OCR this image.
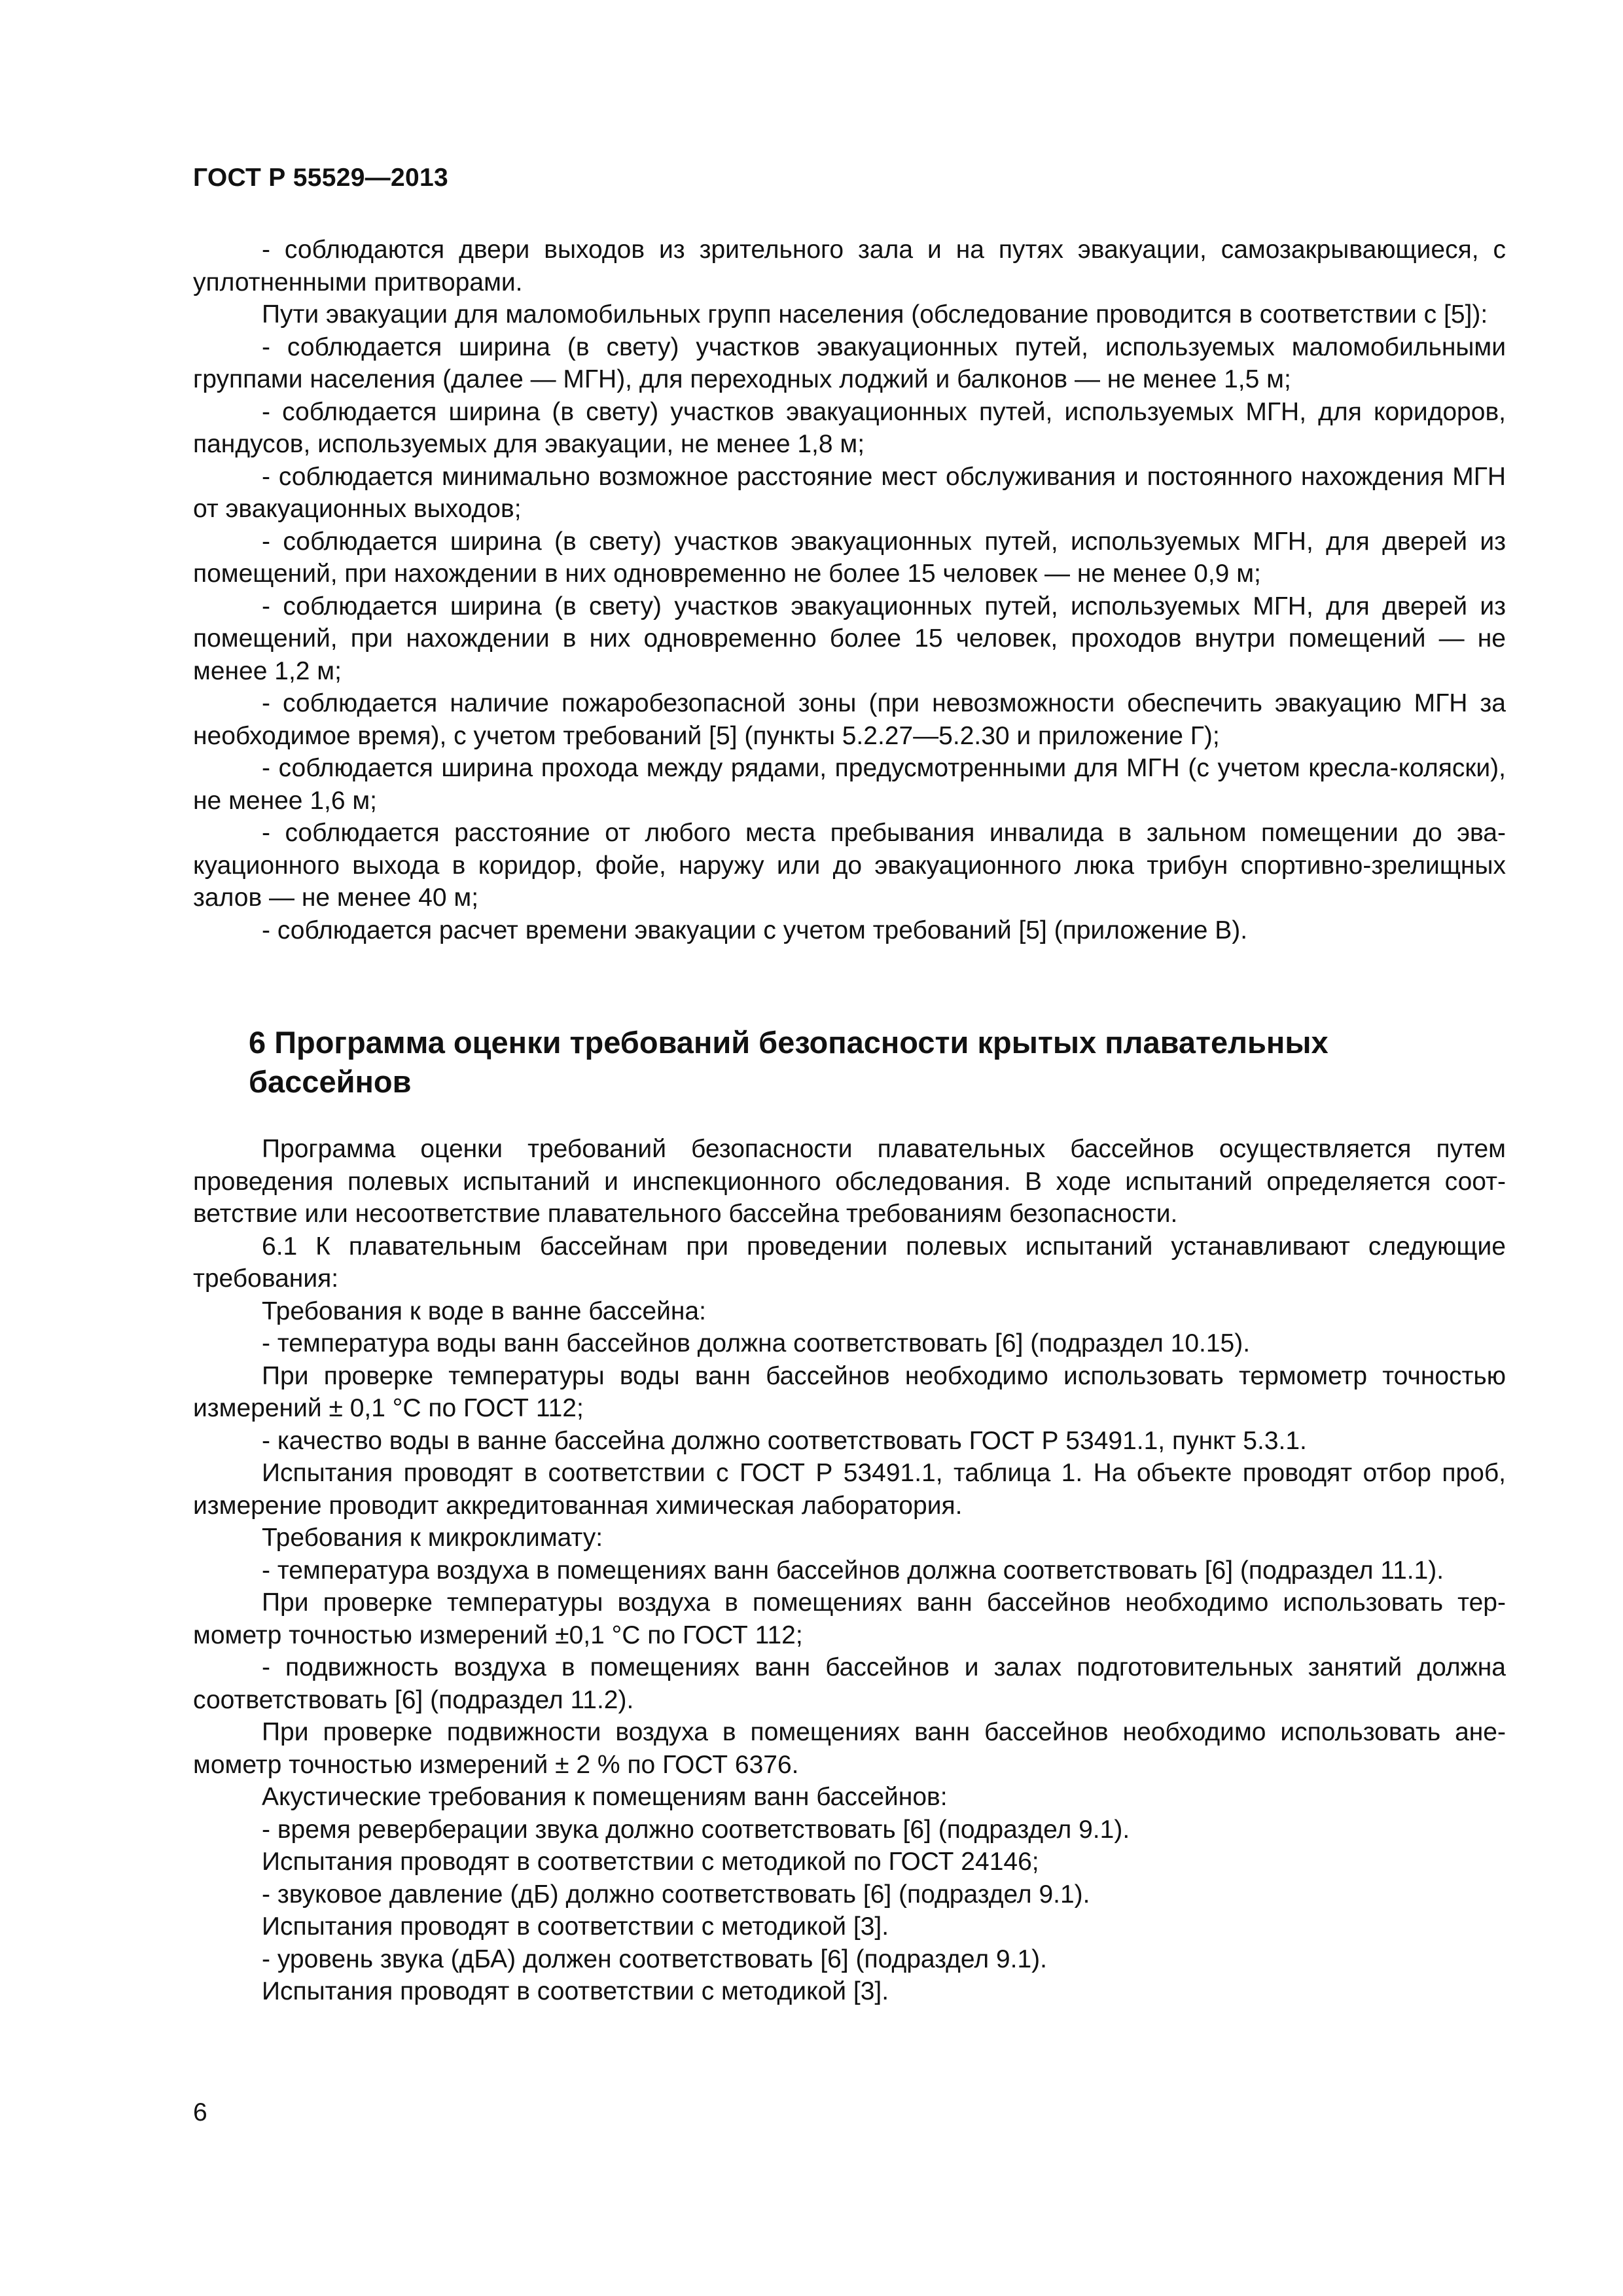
ГОСТ Р 55529—2013

- соблюдаются двери выходов из зрительного зала и на путях эвакуации, самозакрывающиеся, с уплотненными притворами.

Пути эвакуации для маломобильных групп населения (обследование проводится в соответствии с [5]):

- соблюдается ширина (в свету) участков эвакуационных путей, используемых маломобильными группами населения (далее — МГН), для переходных лоджий и балконов — не менее 1,5 м;

- соблюдается ширина (в свету) участков эвакуационных путей, используемых МГН, для коридоров, пандусов, используемых для эвакуации, не менее 1,8 м;

- соблюдается минимально возможное расстояние мест обслуживания и постоянного нахождения МГН от эвакуационных выходов;

- соблюдается ширина (в свету) участков эвакуационных путей, используемых МГН, для дверей из помещений, при нахождении в них одновременно не более 15 человек — не менее 0,9 м;

- соблюдается ширина (в свету) участков эвакуационных путей, используемых МГН, для дверей из помещений, при нахождении в них одновременно более 15 человек, проходов внутри помещений — не менее 1,2 м;

- соблюдается наличие пожаробезопасной зоны (при невозможности обеспечить эвакуацию МГН за необходимое время), с учетом требований [5] (пункты 5.2.27—5.2.30 и приложение Г);

- соблюдается ширина прохода между рядами, предусмотренными для МГН (с учетом кресла-коляски), не менее 1,6 м;

- соблюдается расстояние от любого места пребывания инвалида в зальном помещении до эвакуационного выхода в коридор, фойе, наружу или до эвакуационного люка трибун спортивно-зрелищных залов — не менее 40 м;

- соблюдается расчет времени эвакуации с учетом требований [5] (приложение В).

6 Программа оценки требований безопасности крытых плавательных бассейнов

Программа оценки требований безопасности плавательных бассейнов осуществляется путем проведения полевых испытаний и инспекционного обследования. В ходе испытаний определяется соответствие или несоответствие плавательного бассейна требованиям безопасности.

6.1 К плавательным бассейнам при проведении полевых испытаний устанавливают следующие требования:

Требования к воде в ванне бассейна:

- температура воды ванн бассейнов должна соответствовать [6] (подраздел 10.15).

При проверке температуры воды ванн бассейнов необходимо использовать термометр точностью измерений ± 0,1 °С по ГОСТ 112;

- качество воды в ванне бассейна должно соответствовать ГОСТ Р 53491.1, пункт 5.3.1.

Испытания проводят в соответствии с ГОСТ Р 53491.1, таблица 1. На объекте проводят отбор проб, измерение проводит аккредитованная химическая лаборатория.

Требования к микроклимату:

- температура воздуха в помещениях ванн бассейнов должна соответствовать [6] (подраздел 11.1).

При проверке температуры воздуха в помещениях ванн бассейнов необходимо использовать термометр точностью измерений ±0,1 °С по ГОСТ 112;

- подвижность воздуха в помещениях ванн бассейнов и залах подготовительных занятий должна соответствовать [6] (подраздел 11.2).

При проверке подвижности воздуха в помещениях ванн бассейнов необходимо использовать анемометр точностью измерений ± 2 % по ГОСТ 6376.

Акустические требования к помещениям ванн бассейнов:

- время реверберации звука должно соответствовать [6] (подраздел 9.1).

Испытания проводят в соответствии с методикой по ГОСТ 24146;

- звуковое давление (дБ) должно соответствовать [6] (подраздел 9.1).

Испытания проводят в соответствии с методикой [3].

- уровень звука (дБА) должен соответствовать [6] (подраздел 9.1).

Испытания проводят в соответствии с методикой [3].

6
